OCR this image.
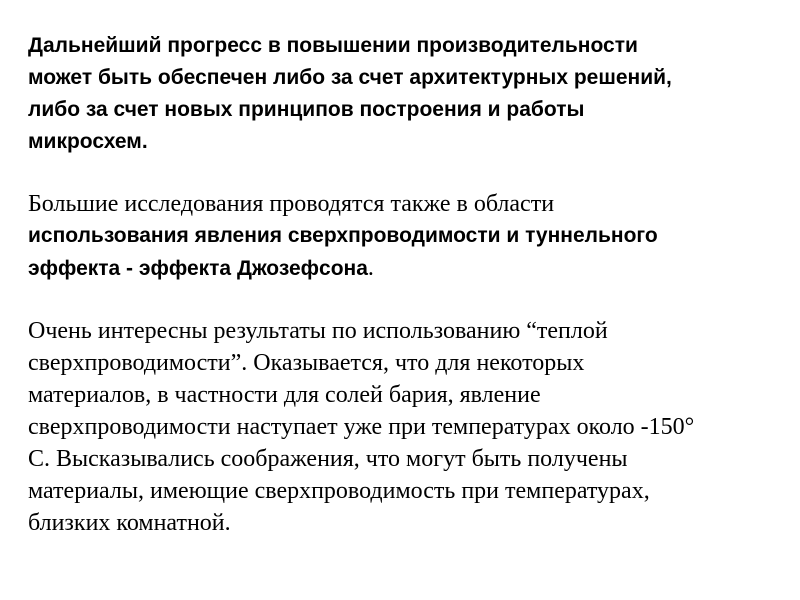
Дальнейший прогресс в повышении производительности
может быть обеспечен либо за счет архитектурных решений,
либо за счет новых принципов построения и работы
микросхем.
Большие исследования проводятся также в области
использования явления сверхпроводимости и туннельного
эффекта - эффекта Джозефсона.
Очень интересны результаты по использованию “теплой
сверхпроводимости”. Оказывается, что для некоторых
материалов, в частности для солей бария, явление
сверхпроводимости наступает уже при температурах около -150°
С. Высказывались соображения, что могут быть получены
материалы, имеющие сверхпроводимость при температурах,
близких комнатной.
